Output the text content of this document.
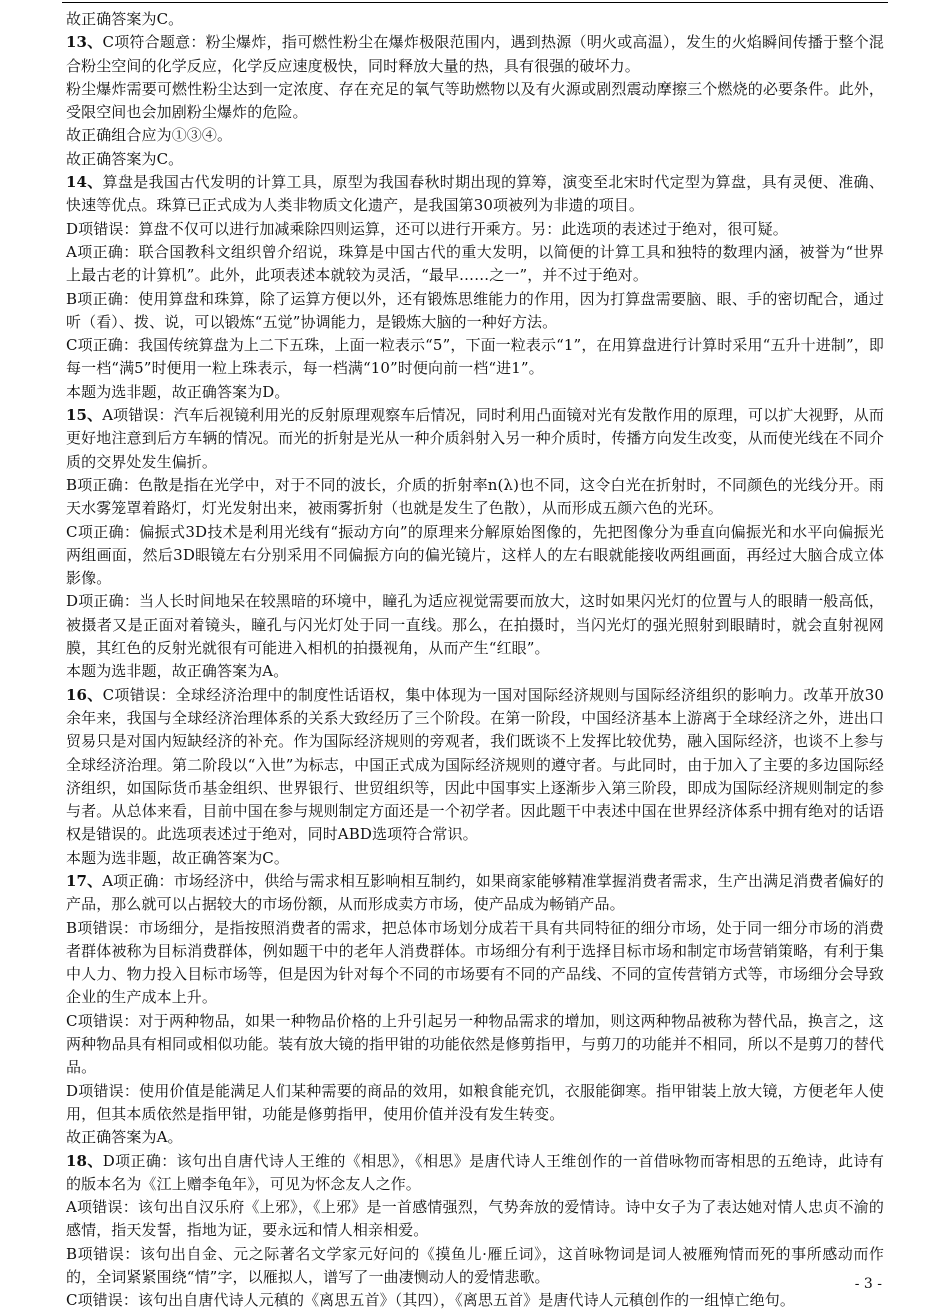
故正确答案为C。

13、C项符合题意：粉尘爆炸，指可燃性粉尘在爆炸极限范围内，遇到热源（明火或高温），发生的火焰瞬间传播于整个混合粉尘空间的化学反应，化学反应速度极快，同时释放大量的热，具有很强的破坏力。

粉尘爆炸需要可燃性粉尘达到一定浓度、存在充足的氧气等助燃物以及有火源或剧烈震动摩擦三个燃烧的必要条件。此外，受限空间也会加剧粉尘爆炸的危险。

故正确组合应为①③④。

故正确答案为C。

14、算盘是我国古代发明的计算工具，原型为我国春秋时期出现的算筹，演变至北宋时代定型为算盘，具有灵便、准确、快速等优点。珠算已正式成为人类非物质文化遗产，是我国第30项被列为非遗的项目。

D项错误：算盘不仅可以进行加减乘除四则运算，还可以进行开乘方。另：此选项的表述过于绝对，很可疑。

A项正确：联合国教科文组织曾介绍说，珠算是中国古代的重大发明，以简便的计算工具和独特的数理内涵，被誉为“世界上最古老的计算机”。此外，此项表述本就较为灵活，“最早……之一”，并不过于绝对。

B项正确：使用算盘和珠算，除了运算方便以外，还有锻炼思维能力的作用，因为打算盘需要脑、眼、手的密切配合，通过听（看）、拨、说，可以锻炼“五觉”协调能力，是锻炼大脑的一种好方法。

C项正确：我国传统算盘为上二下五珠，上面一粒表示“5”，下面一粒表示“1”，在用算盘进行计算时采用“五升十进制”，即每一档“满5”时便用一粒上珠表示，每一档满“10”时便向前一档“进1”。

本题为选非题，故正确答案为D。

15、A项错误：汽车后视镜利用光的反射原理观察车后情况，同时利用凸面镜对光有发散作用的原理，可以扩大视野，从而更好地注意到后方车辆的情况。而光的折射是光从一种介质斜射入另一种介质时，传播方向发生改变，从而使光线在不同介质的交界处发生偏折。

B项正确：色散是指在光学中，对于不同的波长，介质的折射率n(λ)也不同，这令白光在折射时，不同颜色的光线分开。雨天水雾笼罩着路灯，灯光发射出来，被雨雾折射（也就是发生了色散），从而形成五颜六色的光环。

C项正确：偏振式3D技术是利用光线有“振动方向”的原理来分解原始图像的，先把图像分为垂直向偏振光和水平向偏振光两组画面，然后3D眼镜左右分别采用不同偏振方向的偏光镜片，这样人的左右眼就能接收两组画面，再经过大脑合成立体影像。

D项正确：当人长时间地呆在较黑暗的环境中，瞳孔为适应视觉需要而放大，这时如果闪光灯的位置与人的眼睛一般高低，被摄者又是正面对着镜头，瞳孔与闪光灯处于同一直线。那么，在拍摄时，当闪光灯的强光照射到眼睛时，就会直射视网膜，其红色的反射光就很有可能进入相机的拍摄视角，从而产生“红眼”。

本题为选非题，故正确答案为A。

16、C项错误：全球经济治理中的制度性话语权，集中体现为一国对国际经济规则与国际经济组织的影响力。改革开放30余年来，我国与全球经济治理体系的关系大致经历了三个阶段。在第一阶段，中国经济基本上游离于全球经济之外，进出口贸易只是对国内短缺经济的补充。作为国际经济规则的旁观者，我们既谈不上发挥比较优势，融入国际经济，也谈不上参与全球经济治理。第二阶段以“入世”为标志，中国正式成为国际经济规则的遵守者。与此同时，由于加入了主要的多边国际经济组织，如国际货币基金组织、世界银行、世贸组织等，因此中国事实上逐渐步入第三阶段，即成为国际经济规则制定的参与者。从总体来看，目前中国在参与规则制定方面还是一个初学者。因此题干中表述中国在世界经济体系中拥有绝对的话语权是错误的。此选项表述过于绝对，同时ABD选项符合常识。

本题为选非题，故正确答案为C。

17、A项正确：市场经济中，供给与需求相互影响相互制约，如果商家能够精准掌握消费者需求，生产出满足消费者偏好的产品，那么就可以占据较大的市场份额，从而形成卖方市场，使产品成为畅销产品。

B项错误：市场细分，是指按照消费者的需求，把总体市场划分成若干具有共同特征的细分市场，处于同一细分市场的消费者群体被称为目标消费群体，例如题干中的老年人消费群体。市场细分有利于选择目标市场和制定市场营销策略，有利于集中人力、物力投入目标市场等，但是因为针对每个不同的市场要有不同的产品线、不同的宣传营销方式等，市场细分会导致企业的生产成本上升。

C项错误：对于两种物品，如果一种物品价格的上升引起另一种物品需求的增加，则这两种物品被称为替代品，换言之，这两种物品具有相同或相似功能。装有放大镜的指甲钳的功能依然是修剪指甲，与剪刀的功能并不相同，所以不是剪刀的替代品。

D项错误：使用价值是能满足人们某种需要的商品的效用，如粮食能充饥，衣服能御寒。指甲钳装上放大镜，方便老年人使用，但其本质依然是指甲钳，功能是修剪指甲，使用价值并没有发生转变。

故正确答案为A。

18、D项正确：该句出自唐代诗人王维的《相思》，《相思》是唐代诗人王维创作的一首借咏物而寄相思的五绝诗，此诗有的版本名为《江上赠李龟年》，可见为怀念友人之作。

A项错误：该句出自汉乐府《上邪》，《上邪》是一首感情强烈，气势奔放的爱情诗。诗中女子为了表达她对情人忠贞不渝的感情，指天发誓，指地为证，要永远和情人相亲相爱。

B项错误：该句出自金、元之际著名文学家元好问的《摸鱼儿·雁丘词》，这首咏物词是词人被雁殉情而死的事所感动而作的，全词紧紧围绕“情”字，以雁拟人，谱写了一曲凄恻动人的爱情悲歌。

C项错误：该句出自唐代诗人元稹的《离思五首》（其四），《离思五首》是唐代诗人元稹创作的一组悼亡绝句。

- 3 -
